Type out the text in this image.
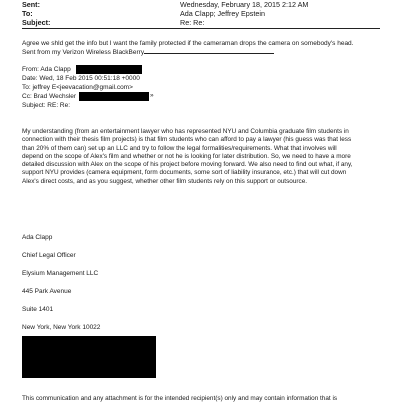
Sent:	Wednesday, February 18, 2015 2:12 AM
To:	Ada Clapp; Jeffrey Epstein
Subject:	Re: Re:
Agree we shld get the info but I want the family protected if the cameraman drops the camera on somebody's head.
Sent from my Verizon Wireless BlackBerry
From: Ada Clapp
Date: Wed, 18 Feb 2015 00:51:18 +0000
To: jeffrey E<jeevacation@gmail.com>
Cc: Brad Wechsler	»
Subject: RE: Re:
My understanding (from an entertainment lawyer who has represented NYU and Columbia graduate film students in
connection with their thesis film projects) is that film students who can afford to pay a lawyer (his guess was that less
than 20% of them can) set up an LLC and try to follow the legal formalities/requirements. What that involves will
depend on the scope of Alex's film and whether or not he is looking for later distribution. So, we need to have a more
detailed discussion with Alex on the scope of his project before moving forward. We also need to find out what, if any,
support NYU provides (camera equipment, form documents, some sort of liability insurance, etc.) that will cut down
Alex's direct costs, and as you suggest, whether other film students rely on this support or outsource.
Ada Clapp
Chief Legal Officer
Elysium Management LLC
445 Park Avenue
Suite 1401
New York, New York 10022
This communication and any attachment is for the intended recipient(s) only and may contain information that is
